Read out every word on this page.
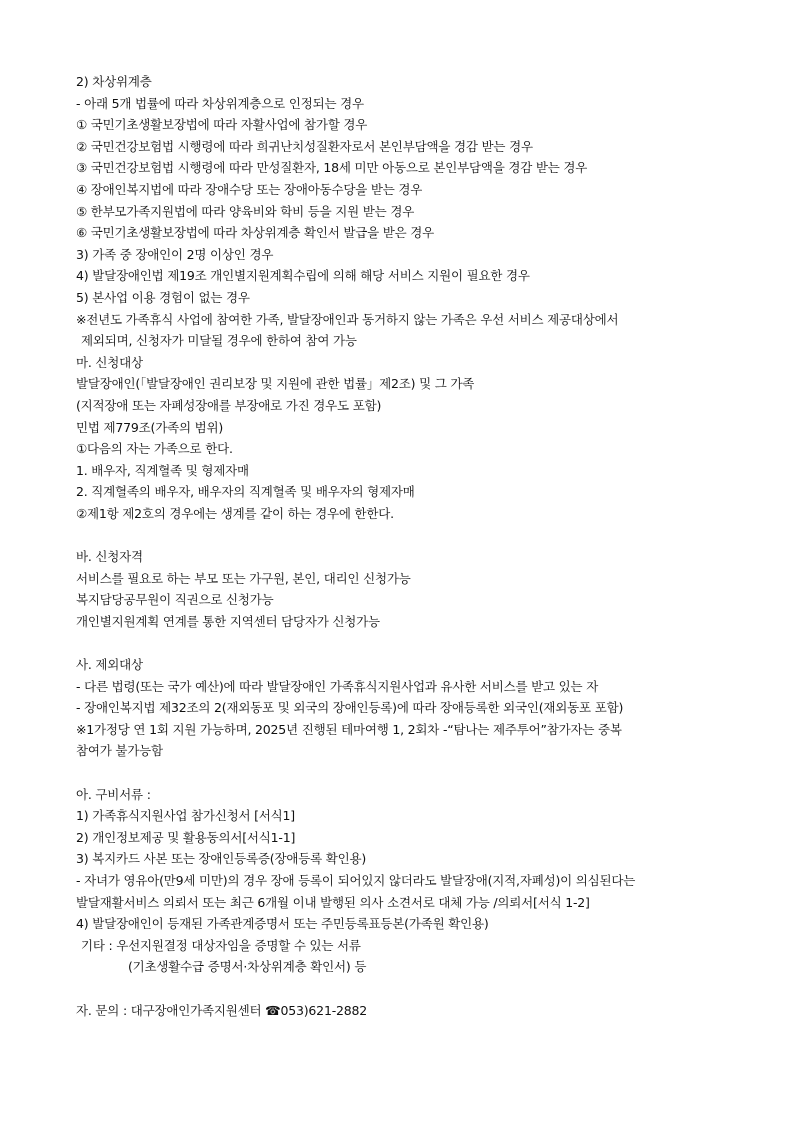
2) 차상위계층
- 아래 5개 법률에 따라 차상위계층으로 인정되는 경우
① 국민기초생활보장법에 따라 자활사업에 참가할 경우
② 국민건강보험법 시행령에 따라 희귀난치성질환자로서 본인부담액을 경감 받는 경우
③ 국민건강보험법 시행령에 따라 만성질환자, 18세 미만 아동으로 본인부담액을 경감 받는 경우
④ 장애인복지법에 따라 장애수당 또는 장애아동수당을 받는 경우
⑤ 한부모가족지원법에 따라 양육비와 학비 등을 지원 받는 경우
⑥ 국민기초생활보장법에 따라 차상위계층 확인서 발급을 받은 경우
3) 가족 중 장애인이 2명 이상인 경우
4) 발달장애인법 제19조 개인별지원계획수립에 의해 해당 서비스 지원이 필요한 경우
5) 본사업 이용 경험이 없는 경우
※전년도 가족휴식 사업에 참여한 가족, 발달장애인과 동거하지 않는 가족은 우선 서비스 제공대상에서
제외되며, 신청자가 미달될 경우에 한하여 참여 가능
마. 신청대상
발달장애인(「발달장애인 권리보장 및 지원에 관한 법률」제2조) 및 그 가족
(지적장애 또는 자폐성장애를 부장애로 가진 경우도 포함)
민법 제779조(가족의 범위)
①다음의 자는 가족으로 한다.
1. 배우자, 직계혈족 및 형제자매
2. 직계혈족의 배우자, 배우자의 직계혈족 및 배우자의 형제자매
②제1항 제2호의 경우에는 생계를 같이 하는 경우에 한한다.
바. 신청자격
서비스를 필요로 하는 부모 또는 가구원, 본인, 대리인 신청가능
복지담당공무원이 직권으로 신청가능
개인별지원계획 연계를 통한 지역센터 담당자가 신청가능
사. 제외대상
- 다른 법령(또는 국가 예산)에 따라 발달장애인 가족휴식지원사업과 유사한 서비스를 받고 있는 자
- 장애인복지법 제32조의 2(재외동포 및 외국의 장애인등록)에 따라 장애등록한 외국인(재외동포 포함)
※1가정당 연 1회 지원 가능하며, 2025년 진행된 테마여행 1, 2회차 -“탐나는 제주투어”참가자는 중복
참여가 불가능함
아. 구비서류 :
1) 가족휴식지원사업 참가신청서 [서식1]
2) 개인정보제공 및 활용동의서[서식1-1]
3) 복지카드 사본 또는 장애인등록증(장애등록 확인용)
- 자녀가 영유아(만9세 미만)의 경우 장애 등록이 되어있지 않더라도 발달장애(지적,자폐성)이 의심된다는
발달재활서비스 의뢰서 또는 최근 6개월 이내 발행된 의사 소견서로 대체 가능 /의뢰서[서식 1-2]
4) 발달장애인이 등재된 가족관계증명서 또는 주민등록표등본(가족원 확인용)
기타 : 우선지원결정 대상자임을 증명할 수 있는 서류
(기초생활수급 증명서·차상위계층 확인서) 등
자. 문의 : 대구장애인가족지원센터 ☎053)621-2882
